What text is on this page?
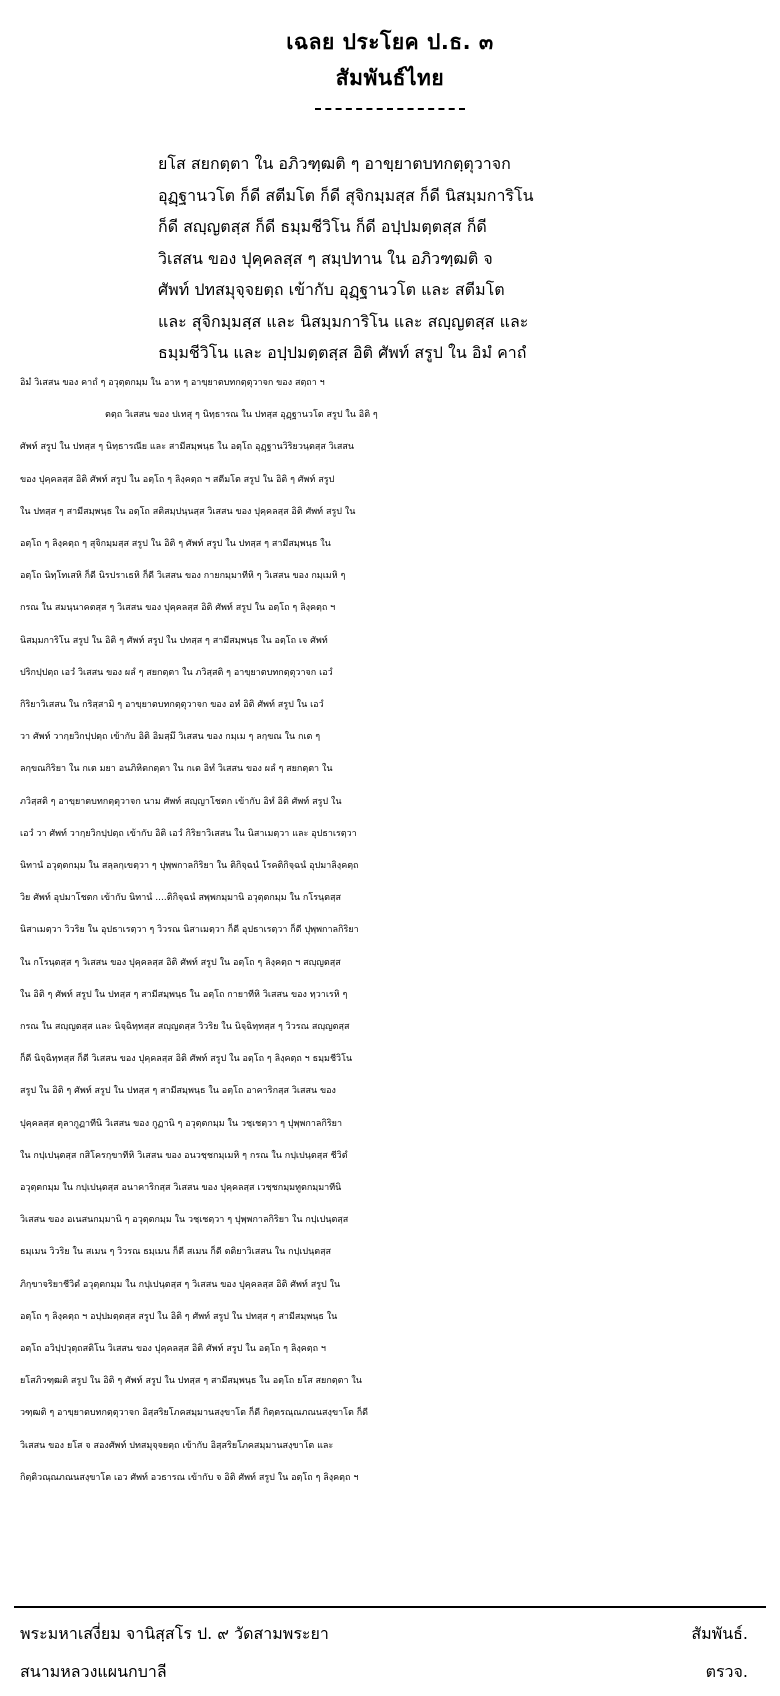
เฉลย ประโยค ป.ธ. ๓
สัมพันธ์ไทย
ยโส สยกตฺตา ใน อภิวฑฺฒติ ๆ อาขฺยาตบทกตฺตุวาจก
อุฏฺฐานวโต ก็ดี สตีมโต ก็ดี สุจิกมฺมสฺส ก็ดี นิสมฺมการิโน
ก็ดี สญฺญตสฺส ก็ดี ธมฺมชีวิโน ก็ดี อปฺปมตฺตสฺส ก็ดี
วิเสสน ของ ปุคฺคลสฺส ๆ สมฺปทาน ใน อภิวฑฺฒติ จ
ศัพท์ ปทสมุจฺจยตฺถ เข้ากับ อุฏฺฐานวโต และ สตีมโต
และ สุจิกมฺมสฺส และ นิสมฺมการิโน และ สญฺญตสฺส และ
ธมฺมชีวิโน และ อปฺปมตฺตสฺส อิติ ศัพท์ สรูป ใน อิมํ คาถํ
อิมํ วิเสสน ของ คาถํ ๆ อวุตฺตกมฺม ใน อาห ๆ อาขฺยาตบทกตฺตุวาจก ของ สตฺถา ฯ
ตตฺถ วิเสสน ของ ปเทสุ ๆ นิทฺธารณ ใน ปทสฺส อุฏฺฐานวโต สรูป ใน อิติ ๆ
ศัพท์ สรูป ใน ปทสฺส ๆ นิทฺธารณีย และ สามีสมฺพนฺธ ใน อตฺโถ อุฏฺฐานวิริยวนฺตสฺส วิเสสน
ของ ปุคฺคลสฺส อิติ ศัพท์ สรูป ใน อตฺโถ ๆ ลิงฺคตฺถ ฯ สตีมโต สรูป ใน อิติ ๆ ศัพท์ สรูป
ใน ปทสฺส ๆ สามีสมฺพนฺธ ใน อตฺโถ สติสมฺปนฺนสฺส วิเสสน ของ ปุคฺคลสฺส อิติ ศัพท์ สรูป ใน
อตฺโถ ๆ ลิงฺคตฺถ ๆ สุจิกมฺมสฺส สรูป ใน อิติ ๆ ศัพท์ สรูป ใน ปทสฺส ๆ สามีสมฺพนฺธ ใน
อตฺโถ นิทฺโทเสหิ ก็ดี นิรปราเธหิ ก็ดี วิเสสน ของ กายกมฺมาทีหิ ๆ วิเสสน ของ กมฺเมหิ ๆ
กรณ ใน สมนฺนาคตสฺส ๆ วิเสสน ของ ปุคฺคลสฺส อิติ ศัพท์ สรูป ใน อตฺโถ ๆ ลิงฺคตฺถ ฯ
นิสมฺมการิโน สรูป ใน อิติ ๆ ศัพท์ สรูป ใน ปทสฺส ๆ สามีสมฺพนฺธ ใน อตฺโถ เจ ศัพท์
ปริกปฺปตฺถ เอวํ วิเสสน ของ ผลํ ๆ สยกตฺตา ใน ภวิสฺสติ ๆ อาขฺยาตบทกตฺตุวาจก เอวํ
กิริยาวิเสสน ใน กริสฺสามิ ๆ อาขฺยาตบทกตฺตุวาจก ของ อหํ อิติ ศัพท์ สรูป ใน เอวํ
วา ศัพท์ วากฺยวิกปฺปตฺถ เข้ากับ อิติ อิมสฺมึ วิเสสน ของ กมฺเม ๆ ลกฺขณ ใน กเต ๆ
ลกฺขณกิริยา ใน กเต มยา อนภิหิตกตฺตา ใน กเต อิทํ วิเสสน ของ ผลํ ๆ สยกตฺตา ใน
ภวิสฺสติ ๆ อาขฺยาตบทกตฺตุวาจก นาม ศัพท์ สญฺญาโชตก เข้ากับ อิทํ อิติ ศัพท์ สรูป ใน
เอวํ วา ศัพท์ วากฺยวิกปฺปตฺถ เข้ากับ อิติ เอวํ กิริยาวิเสสน ใน นิสาเมตฺวา และ อุปธาเรตฺวา
นิทานํ อวุตฺตกมฺม ใน สลฺลกฺเขตฺวา ๆ ปุพฺพกาลกิริยา ใน ติกิจฺฉนํ โรคติกิจฺฉนํ อุปมาลิงฺคตฺถ
วิย ศัพท์ อุปมาโชตก เข้ากับ นิทานํ ....ติกิจฺฉนํ สพฺพกมฺมานิ อวุตฺตกมฺม ใน กโรนฺตสฺส
นิสาเมตฺวา วิวริย ใน อุปธาเรตฺวา ๆ วิวรณ นิสาเมตฺวา ก็ดี อุปธาเรตฺวา ก็ดี ปุพฺพกาลกิริยา
ใน กโรนฺตสฺส ๆ วิเสสน ของ ปุคฺคลสฺส อิติ ศัพท์ สรูป ใน อตฺโถ ๆ ลิงฺคตฺถ ฯ สญฺญตสฺส
ใน อิติ ๆ ศัพท์ สรูป ใน ปทสฺส ๆ สามีสมฺพนฺธ ใน อตฺโถ กายาทีหิ วิเสสน ของ ทฺวาเรหิ ๆ
กรณ ใน สญฺญตสฺส และ นิจฺฉิทฺทสฺส สญฺญตสฺส วิวริย ใน นิจฺฉิทฺทสฺส ๆ วิวรณ สญฺญตสฺส
ก็ดี นิจฺฉิทฺทสฺส ก็ดี วิเสสน ของ ปุคฺคลสฺส อิติ ศัพท์ สรูป ใน อตฺโถ ๆ ลิงฺคตฺถ ฯ ธมฺมชีวิโน
สรูป ใน อิติ ๆ ศัพท์ สรูป ใน ปทสฺส ๆ สามีสมฺพนฺธ ใน อตฺโถ อาคาริกสฺส วิเสสน ของ
ปุคฺคลสฺส ตุลากูฏาทีนิ วิเสสน ของ กูฏานิ ๆ อวุตฺตกมฺม ใน วชฺเชตฺวา ๆ ปุพฺพกาลกิริยา
ใน กปฺเปนฺตสฺส กสิโครกฺขาทีหิ วิเสสน ของ อนวชฺชกมฺเมหิ ๆ กรณ ใน กปฺเปนฺตสฺส ชีวิตํ
อวุตฺตกมฺม ใน กปฺเปนฺตสฺส อนาคาริกสฺส วิเสสน ของ ปุคฺคลสฺส เวชฺชกมฺมทูตกมฺมาทีนิ
วิเสสน ของ อเนสนกมฺมานิ ๆ อวุตฺตกมฺม ใน วชฺเชตฺวา ๆ ปุพฺพกาลกิริยา ใน กปฺเปนฺตสฺส
ธมฺเมน วิวริย ใน สเมน ๆ วิวรณ ธมฺเมน ก็ดี สเมน ก็ดี ตติยาวิเสสน ใน กปฺเปนฺตสฺส
ภิกฺขาจริยาชีวิตํ อวุตฺตกมฺม ใน กปฺเปนฺตสฺส ๆ วิเสสน ของ ปุคฺคลสฺส อิติ ศัพท์ สรูป ใน
อตฺโถ ๆ ลิงฺคตฺถ ฯ อปฺปมตฺตสฺส สรูป ใน อิติ ๆ ศัพท์ สรูป ใน ปทสฺส ๆ สามีสมฺพนฺธ ใน
อตฺโถ อวิปฺปวุตฺถสติโน วิเสสน ของ ปุคฺคลสฺส อิติ ศัพท์ สรูป ใน อตฺโถ ๆ ลิงฺคตฺถ ฯ
ยโสภิวฑฺฒติ สรูป ใน อิติ ๆ ศัพท์ สรูป ใน ปทสฺส ๆ สามีสมฺพนฺธ ใน อตฺโถ ยโส สยกตฺตา ใน
วฑฺฒติ ๆ อาขฺยาตบทกตฺตุวาจก อิสฺสริยโภคสมฺมานสงฺขาโต ก็ดี กิตฺตรณฺณภณนสงฺขาโต ก็ดี
วิเสสน ของ ยโส จ สองศัพท์ ปทสมุจฺจยตฺถ เข้ากับ อิสฺสริยโภคสมฺมานสงฺขาโต และ
กิตฺติวณฺณภณนสงฺขาโต เอว ศัพท์ อวธารณ เข้ากับ จ อิติ ศัพท์ สรูป ใน อตฺโถ ๆ ลิงฺคตฺถ ฯ
พระมหาเสงี่ยม จานิสฺสโร ป. ๙ วัดสามพระยา
สนามหลวงแผนกบาลี
สัมพันธ์.
ตรวจ.
